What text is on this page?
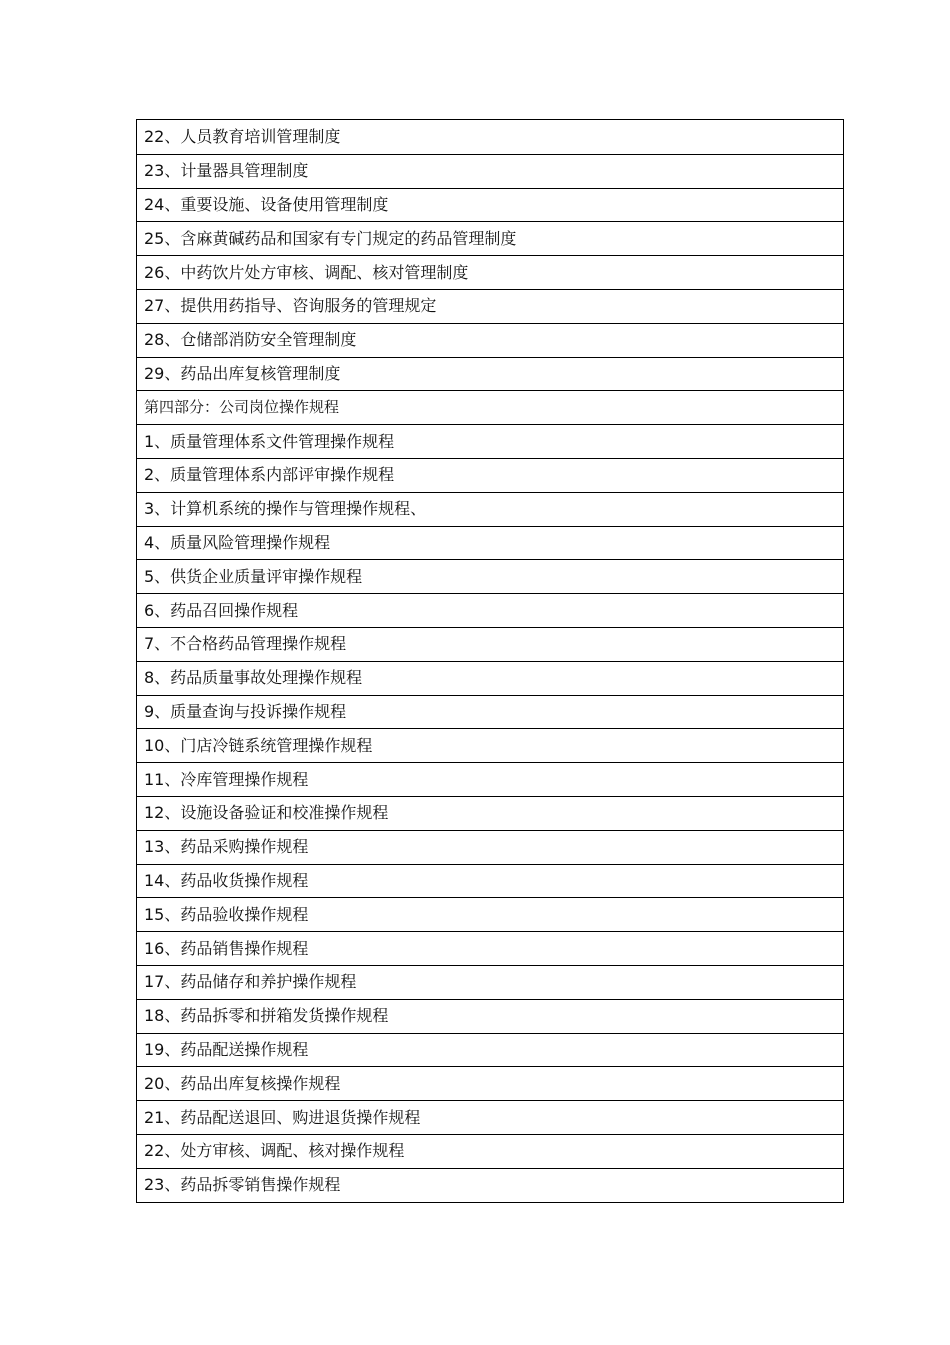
22、人员教育培训管理制度
23、计量器具管理制度
24、重要设施、设备使用管理制度
25、含麻黄碱药品和国家有专门规定的药品管理制度
26、中药饮片处方审核、调配、核对管理制度
27、提供用药指导、咨询服务的管理规定
28、仓储部消防安全管理制度
29、药品出库复核管理制度
第四部分：公司岗位操作规程
1、质量管理体系文件管理操作规程
2、质量管理体系内部评审操作规程
3、计算机系统的操作与管理操作规程、
4、质量风险管理操作规程
5、供货企业质量评审操作规程
6、药品召回操作规程
7、不合格药品管理操作规程
8、药品质量事故处理操作规程
9、质量查询与投诉操作规程
10、门店冷链系统管理操作规程
11、冷库管理操作规程
12、设施设备验证和校准操作规程
13、药品采购操作规程
14、药品收货操作规程
15、药品验收操作规程
16、药品销售操作规程
17、药品储存和养护操作规程
18、药品拆零和拼箱发货操作规程
19、药品配送操作规程
20、药品出库复核操作规程
21、药品配送退回、购进退货操作规程
22、处方审核、调配、核对操作规程
23、药品拆零销售操作规程
